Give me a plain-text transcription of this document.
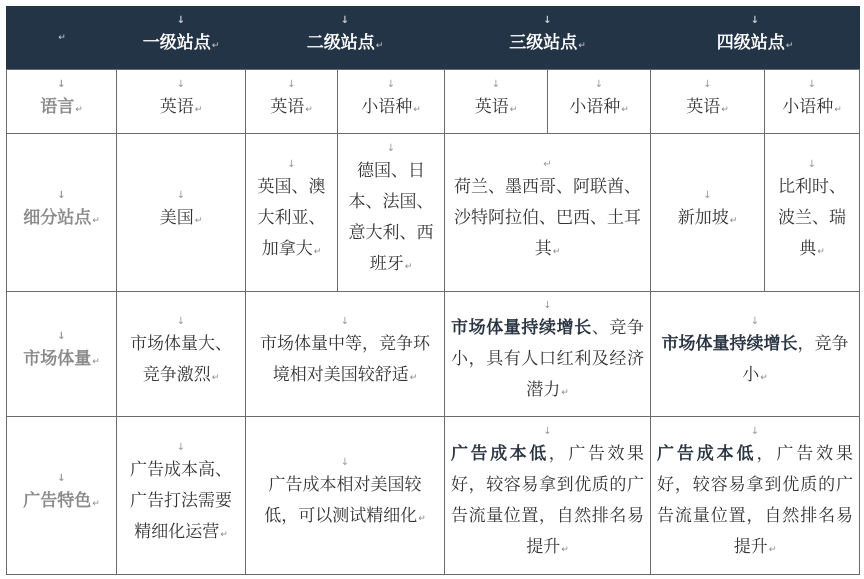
↵
↓
一级站点↵
↓
二级站点↵
↓
三级站点↵
↓
四级站点↵
↓
语言↵
↓
英语↵
↓
英语↵
↓
小语种↵
↓
英语↵
↓
小语种↵
↓
英语↵
↓
小语种↵
↓
细分站点↵
↓
美国↵
↓
英国、澳大利亚、加拿大↵
↓
德国、日本、法国、意大利、西班牙↵
↵
荷兰、墨西哥、阿联酋、沙特阿拉伯、巴西、土耳其↵
↓
新加坡↵
↓
比利时、波兰、瑞典↵
↓
市场体量↵
↓
市场体量大、竞争激烈↵
↓
市场体量中等，竞争环境相对美国较舒适↵
↓
市场体量持续增长、竞争小，具有人口红利及经济潜力↵
↓
市场体量持续增长，竞争小↵
↓
广告特色↵
↓
广告成本高、广告打法需要精细化运营↵
↓
广告成本相对美国较低，可以测试精细化↵
↓
广告成本低，广告效果好，较容易拿到优质的广告流量位置，自然排名易提升↵
↓
广告成本低，广告效果好，较容易拿到优质的广告流量位置，自然排名易提升↵
